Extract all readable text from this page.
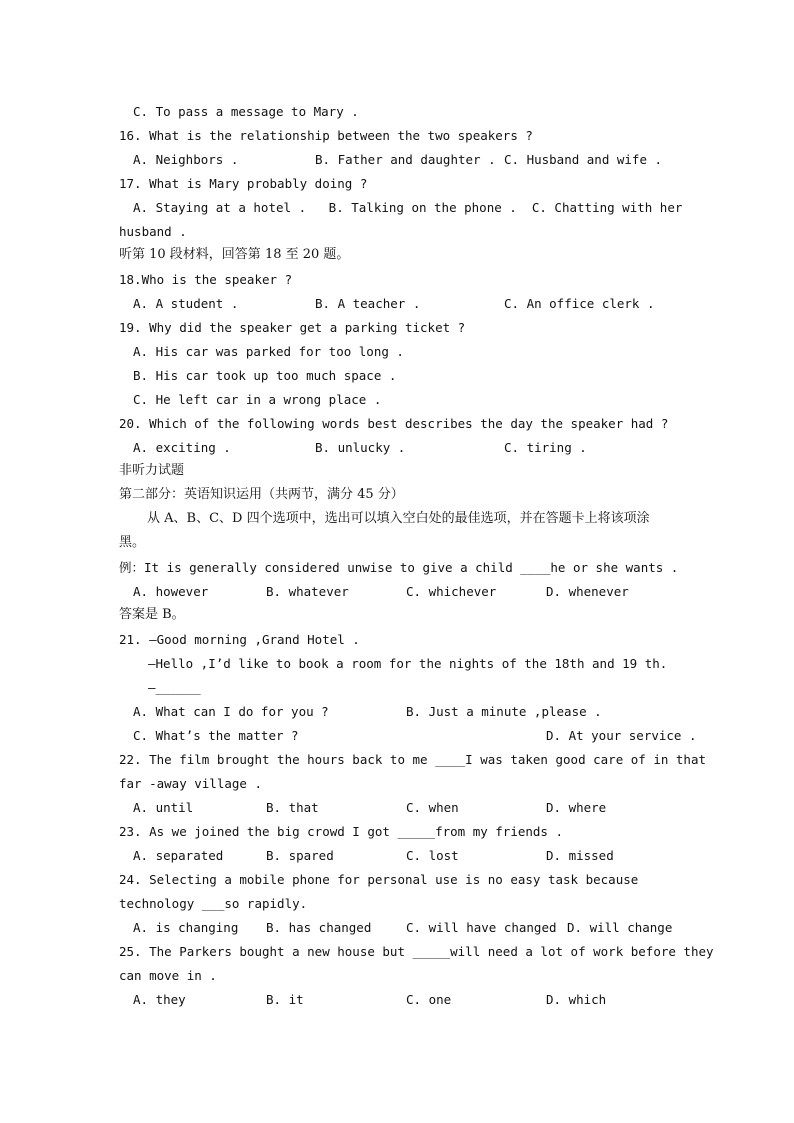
C. To pass a message to Mary .
16. What is the relationship between the two speakers ?
A. Neighbors .	B. Father and daughter . C. Husband and wife .
17. What is Mary probably doing ?
A. Staying at a hotel .   B. Talking on the phone .  C. Chatting with her
husband .
听第 10 段材料，回答第 18 至 20 题。
18.Who is the speaker ?
A. A student .	B. A teacher .	C. An office clerk .
19. Why did the speaker get a parking ticket ?
A. His car was parked for too long .
B. His car took up too much space .
C. He left car in a wrong place .
20. Which of the following words best describes the day the speaker had ?
A. exciting .	B. unlucky .	C. tiring .
非听力试题
第二部分：英语知识运用（共两节，满分 45 分）
从 A、B、C、D 四个选项中，选出可以填入空白处的最佳选项，并在答题卡上将该项涂
黑。
例：It is generally considered unwise to give a child ____he or she wants .
A. however	B. whatever	C. whichever	D. whenever
答案是 B。
21. —Good morning ,Grand Hotel .
—Hello ,I’d like to book a room for the nights of the 18th and 19 th.
—______
A. What can I do for you ?	B. Just a minute ,please .
C. What’s the matter ?	D. At your service .
22. The film brought the hours back to me ____I was taken good care of in that
far -away village .
A. until	B. that	C. when	D. where
23. As we joined the big crowd I got _____from my friends .
A. separated	B. spared	C. lost	D. missed
24. Selecting a mobile phone for personal use is no easy task because
technology ___so rapidly.
A. is changing B. has changed	C. will have changed D. will change
25. The Parkers bought a new house but _____will need a lot of work before they
can move in .
A. they	B. it	C. one	D. which
